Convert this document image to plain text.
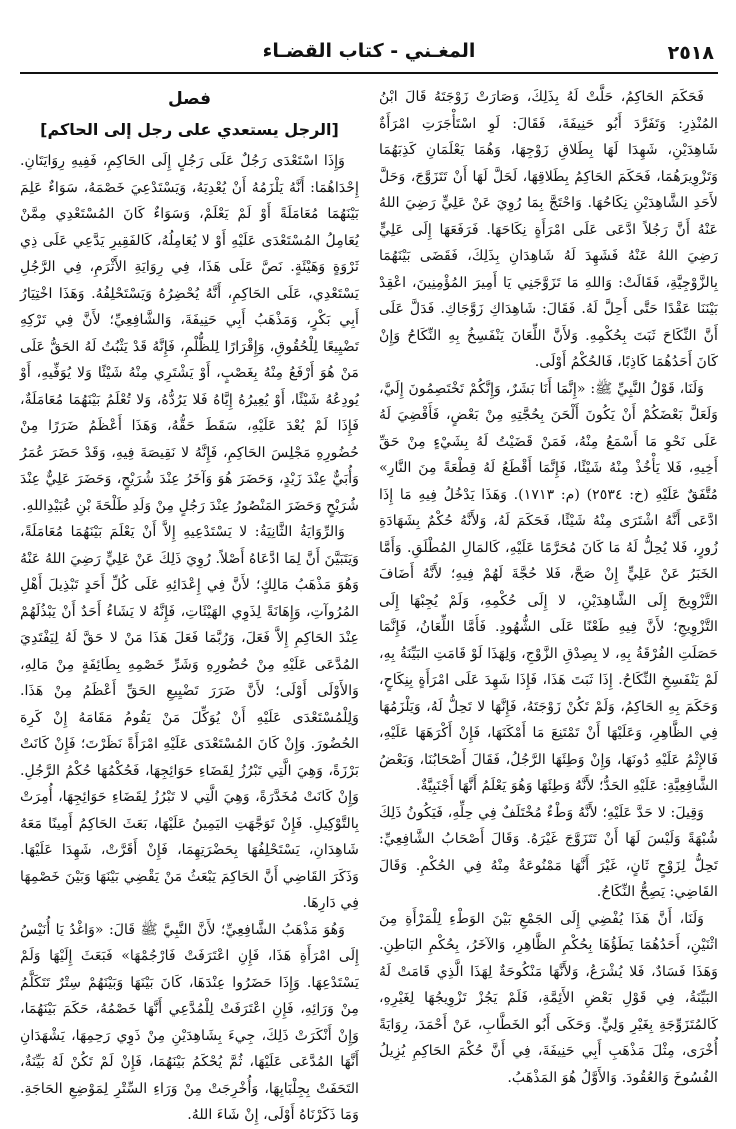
٢٥١٨
المغـني - كتاب القضـاء

فَحَكَمَ الحَاكِمُ، حَلَّتْ لَهُ بِذَلِكَ، وَصَارَتْ زَوْجَتَهُ قَالَ ابْنُ المُنْذِرِ: وَتَفَرَّدَ أَبُو حَنِيفَةَ، فَقَالَ: لَوِ اسْتَأْجَرَتِ امْرَأَةٌ شَاهِدَيْنِ، شَهِدَا لَهَا بِطَلاقِ زَوْجِهَا، وَهُمَا يَعْلَمَانِ كَذِبَهُمَا وَتَزْوِيرَهُمَا، فَحَكَمَ الحَاكِمُ بِطَلاقِهَا، لَحَلَّ لَهَا أَنْ تَتَزَوَّجَ، وَحَلَّ لأَحَدِ الشَّاهِدَيْنِ نِكَاحُهَا. وَاحْتَجَّ بِمَا رُوِيَ عَنْ عَلِيٍّ رَضِيَ اللهُ عَنْهُ أَنَّ رَجُلاً ادَّعَى عَلَى امْرَأَةٍ نِكَاحَهَا. فَرَفَعَهَا إِلَى عَلِيٍّ رَضِيَ اللهُ عَنْهُ فَشَهِدَ لَهُ شَاهِدَانِ بِذَلِكَ، فَقَضَى بَيْنَهُمَا بِالزَّوْجِيَّةِ، فَقَالَتْ: وَاللهِ مَا تَزَوَّجَنِي يَا أَمِيرَ المُؤْمِنِينَ، اعْقِدْ بَيْنَنَا عَقْدًا حَتَّى أَحِلَّ لَهُ. فَقَالَ: شَاهِدَاكِ زَوَّجَاكِ. فَدَلَّ عَلَى أَنَّ النِّكَاحَ ثَبَتَ بِحُكْمِهِ. وَلأَنَّ اللِّعَانَ يَنْفَسِخُ بِهِ النِّكَاحُ وَإِنْ كَانَ أَحَدُهُمَا كَاذِبًا، فَالحُكْمُ أَوْلَى.

وَلَنَا، قَوْلُ النَّبِيِّ ﷺ: «إِنَّمَا أَنَا بَشَرٌ، وَإِنَّكُمْ تَخْتَصِمُونَ إِلَيَّ، وَلَعَلَّ بَعْضَكُمْ أَنْ يَكُونَ أَلْحَنَ بِحُجَّتِهِ مِنْ بَعْضٍ، فَأَقْضِيَ لَهُ عَلَى نَحْوِ مَا أَسْمَعُ مِنْهُ، فَمَنْ قَضَيْتُ لَهُ بِشَيْءٍ مِنْ حَقِّ أَخِيهِ، فَلا يَأْخُذْ مِنْهُ شَيْئًا، فَإِنَّمَا أَقْطَعُ لَهُ قِطْعَةً مِنَ النَّارِ» مُتَّفَقٌ عَلَيْهِ (خ: ٢٥٣٤) (م: ١٧١٣). وَهَذَا يَدْخُلُ فِيهِ مَا إِذَا ادَّعَى أَنَّهُ اشْتَرَى مِنْهُ شَيْئًا، فَحَكَمَ لَهُ، وَلأَنَّهُ حُكْمٌ بِشَهَادَةِ زُورٍ، فَلا يُحِلُّ لَهُ مَا كَانَ مُحَرَّمًا عَلَيْهِ، كَالمَالِ المُطْلَقِ. وَأَمَّا الخَبَرُ عَنْ عَلِيٍّ إِنْ صَحَّ، فَلا حُجَّةَ لَهُمْ فِيهِ؛ لأَنَّهُ أَضَافَ التَّزْوِيجَ إِلَى الشَّاهِدَيْنِ، لا إِلَى حُكْمِهِ، وَلَمْ يُجِبْهَا إِلَى التَّزْوِيجِ؛ لأَنَّ فِيهِ طَعْنًا عَلَى الشُّهُودِ. فَأَمَّا اللِّعَانُ، فَإِنَّمَا حَصَلَتِ الفُرْقَةُ بِهِ، لا بِصِدْقِ الزَّوْجِ، وَلِهَذَا لَوْ قَامَتِ البَيِّنَةُ بِهِ، لَمْ يَنْفَسِخِ النِّكَاحُ. إِذَا ثَبَتَ هَذَا، فَإِذَا شَهِدَ عَلَى امْرَأَةٍ بِنِكَاحٍ، وَحَكَمَ بِهِ الحَاكِمُ، وَلَمْ تَكُنْ زَوْجَتَهُ، فَإِنَّهَا لا تَحِلُّ لَهُ، وَيَلْزَمُهَا فِي الظَّاهِرِ، وَعَلَيْهَا أَنْ تَمْتَنِعَ مَا أَمْكَنَهَا، فَإِنْ أَكْرَهَهَا عَلَيْهِ، فَالإِثْمُ عَلَيْهِ دُونَهَا، وَإِنْ وَطِئَهَا الرَّجُلُ، فَقَالَ أَصْحَابُنَا، وَبَعْضُ الشَّافِعِيَّةِ: عَلَيْهِ الحَدُّ؛ لأَنَّهُ وَطِئَهَا وَهُوَ يَعْلَمُ أَنَّهَا أَجْنَبِيَّةٌ.

وَقِيلَ: لا حَدَّ عَلَيْهِ؛ لأَنَّهُ وَطْءٌ مُخْتَلَفٌ فِي حِلِّهِ، فَيَكُونُ ذَلِكَ شُبْهَةً وَلَيْسَ لَهَا أَنْ تَتَزَوَّجَ غَيْرَهُ. وَقَالَ أَصْحَابُ الشَّافِعِيِّ: تَحِلُّ لِزَوْجٍ ثَانٍ، غَيْرَ أَنَّهَا مَمْنُوعَةٌ مِنْهُ فِي الحُكْمِ. وَقَالَ القَاضِي: يَصِحُّ النِّكَاحُ.

وَلَنَا، أَنَّ هَذَا يُفْضِي إِلَى الجَمْعِ بَيْنَ الوَطْءِ لِلْمَرْأَةِ مِنَ اثْنَيْنِ، أَحَدُهُمَا يَطَؤُهَا بِحُكْمِ الظَّاهِرِ، وَالآخَرُ، بِحُكْمِ البَاطِنِ. وَهَذَا فَسَادٌ، فَلا يُشْرَعُ، وَلأَنَّهَا مَنْكُوحَةٌ لِهَذَا الَّذِي قَامَتْ لَهُ البَيِّنَةُ، فِي قَوْلِ بَعْضِ الأَئِمَّةِ، فَلَمْ يَجُزْ تَزْوِيجُهَا لِغَيْرِهِ، كَالمُتَزَوِّجَةِ بِغَيْرِ وَلِيٍّ. وَحَكَى أَبُو الخَطَّابِ، عَنْ أَحْمَدَ، رِوَايَةً أُخْرَى، مِثْلَ مَذْهَبِ أَبِي حَنِيفَةَ، فِي أَنَّ حُكْمَ الحَاكِمِ يُزِيلُ الفُسُوخَ وَالعُقُودَ. وَالأَوَّلُ هُوَ المَذْهَبُ.

فصل
[الرجل يستعدي على رجل إلى الحاكم]

وَإِذَا اسْتَعْدَى رَجُلٌ عَلَى رَجُلٍ إِلَى الحَاكِمِ، فَفِيهِ رِوَايَتَانِ. إِحْدَاهُمَا: أَنَّهُ يَلْزَمُهُ أَنْ يُعْدِيَهُ، وَيَسْتَدْعِيَ خَصْمَهُ، سَوَاءٌ عَلِمَ بَيْنَهُمَا مُعَامَلَةً أَوْ لَمْ يَعْلَمْ، وَسَوَاءٌ كَانَ المُسْتَعْدِي مِمَّنْ يُعَامِلُ المُسْتَعْدَى عَلَيْهِ أَوْ لا يُعَامِلُهُ، كَالفَقِيرِ يَدَّعِي عَلَى ذِي ثَرْوَةٍ وَهَيْئَةٍ. نَصَّ عَلَى هَذَا، فِي رِوَايَةِ الأَثْرَمِ، فِي الرَّجُلِ يَسْتَعْدِي، عَلَى الحَاكِمِ، أَنَّهُ يُحْضِرُهُ وَيَسْتَحْلِفُهُ. وَهَذَا اخْتِيَارُ أَبِي بَكْرٍ، وَمَذْهَبُ أَبِي حَنِيفَةَ، وَالشَّافِعِيِّ؛ لأَنَّ فِي تَرْكِهِ تَضْيِيعًا لِلْحُقُوقِ، وَإِقْرَارًا لِلظُّلْمِ، فَإِنَّهُ قَدْ يَثْبُتُ لَهُ الحَقُّ عَلَى مَنْ هُوَ أَرْفَعُ مِنْهُ بِغَصْبٍ، أَوْ يَشْتَرِي مِنْهُ شَيْئًا وَلا يُوَفِّيهِ، أَوْ يُودِعُهُ شَيْئًا، أَوْ يُعِيرُهُ إِيَّاهُ فَلا يَرُدُّهُ، وَلا تُعْلَمُ بَيْنَهُمَا مُعَامَلَةٌ، فَإِذَا لَمْ يُعْدَ عَلَيْهِ، سَقَطَ حَقُّهُ، وَهَذَا أَعْظَمُ ضَرَرًا مِنْ حُضُورِهِ مَجْلِسَ الحَاكِمِ، فَإِنَّهُ لا نَقِيصَةَ فِيهِ، وَقَدْ حَضَرَ عُمَرُ وَأُبَيٌّ عِنْدَ زَيْدٍ، وَحَضَرَ هُوَ وَآخَرُ عِنْدَ شُرَيْحٍ، وَحَضَرَ عَلِيٌّ عِنْدَ شُرَيْحٍ وَحَضَرَ المَنْصُورُ عِنْدَ رَجُلٍ مِنْ وَلَدِ طَلْحَةَ بْنِ عُبَيْدِاللهِ.

وَالرِّوَايَةُ الثَّانِيَةُ: لا يَسْتَدْعِيهِ إِلاَّ أَنْ يَعْلَمَ بَيْنَهُمَا مُعَامَلَةً، وَيَتَبَيَّنَ أَنَّ لِمَا ادَّعَاهُ أَصْلاً. رُوِيَ ذَلِكَ عَنْ عَلِيٍّ رَضِيَ اللهُ عَنْهُ وَهُوَ مَذْهَبُ مَالِكٍ؛ لأَنَّ فِي إِعْدَائِهِ عَلَى كُلِّ أَحَدٍ تَبْذِيلَ أَهْلِ المُرُوآتِ، وَإِهَانَةً لِذَوِي الهَيْئَاتِ، فَإِنَّهُ لا يَشَاءُ أَحَدٌ أَنْ يَبْذُلَهُمْ عِنْدَ الحَاكِمِ إِلاَّ فَعَلَ، وَرُبَّمَا فَعَلَ هَذَا مَنْ لا حَقَّ لَهُ لِيَفْتَدِيَ المُدَّعَى عَلَيْهِ مِنْ حُضُورِهِ وَشَرِّ خَصْمِهِ بِطَائِفَةٍ مِنْ مَالِهِ، وَالأَوْلَى أَوْلَى؛ لأَنَّ ضَرَرَ تَضْيِيعِ الحَقِّ أَعْظَمُ مِنْ هَذَا. وَلِلْمُسْتَعْدَى عَلَيْهِ أَنْ يُوَكِّلَ مَنْ يَقُومُ مَقَامَهُ إِنْ كَرِهَ الحُضُورَ. وَإِنْ كَانَ المُسْتَعْدَى عَلَيْهِ امْرَأَةً نَظَرْتَ؛ فَإِنْ كَانَتْ بَرْزَةً، وَهِيَ الَّتِي تَبْرُزُ لِقَضَاءِ حَوَائِجِهَا، فَحُكْمُهَا حُكْمُ الرَّجُلِ. وَإِنْ كَانَتْ مُخَدَّرَةً، وَهِيَ الَّتِي لا تَبْرُزُ لِقَضَاءِ حَوَائِجِهَا، أُمِرَتْ بِالتَّوْكِيلِ. فَإِنْ تَوَجَّهَتِ اليَمِينُ عَلَيْهَا، بَعَثَ الحَاكِمُ أَمِينًا مَعَهُ شَاهِدَانِ، يَسْتَحْلِفُهَا بِحَضْرَتِهِمَا، فَإِنْ أَقَرَّتْ، شَهِدَا عَلَيْهَا. وَذَكَرَ القَاضِي أَنَّ الحَاكِمَ يَبْعَثُ مَنْ يَقْضِي بَيْنَهَا وَبَيْنَ خَصْمِهَا فِي دَارِهَا.

وَهُوَ مَذْهَبُ الشَّافِعِيِّ؛ لأَنَّ النَّبِيَّ ﷺ قَالَ: «وَاغْدُ يَا أُنَيْسُ إِلَى امْرَأَةِ هَذَا، فَإِنِ اعْتَرَفَتْ فَارْجُمْهَا» فَبَعَثَ إِلَيْهَا وَلَمْ يَسْتَدْعِهَا. وَإِذَا حَضَرُوا عِنْدَهَا، كَانَ بَيْنَهَا وَبَيْنَهُمْ سِتْرٌ تَتَكَلَّمُ مِنْ وَرَائِهِ، فَإِنِ اعْتَرَفَتْ لِلْمُدَّعِي أَنَّهَا خَصْمُهُ، حَكَمَ بَيْنَهُمَا، وَإِنْ أَنْكَرَتْ ذَلِكَ، جِيءَ بِشَاهِدَيْنِ مِنْ ذَوِي رَحِمِهَا، يَشْهَدَانِ أَنَّهَا المُدَّعَى عَلَيْهَا، ثُمَّ يُحْكَمُ بَيْنَهُمَا، فَإِنْ لَمْ تَكُنْ لَهُ بَيِّنَةٌ، التَحَفَتْ بِجِلْبَابِهَا، وَأُخْرِجَتْ مِنْ وَرَاءِ السِّتْرِ لِمَوْضِعِ الحَاجَةِ. وَمَا ذَكَرْنَاهُ أَوْلَى، إِنْ شَاءَ اللهُ.
